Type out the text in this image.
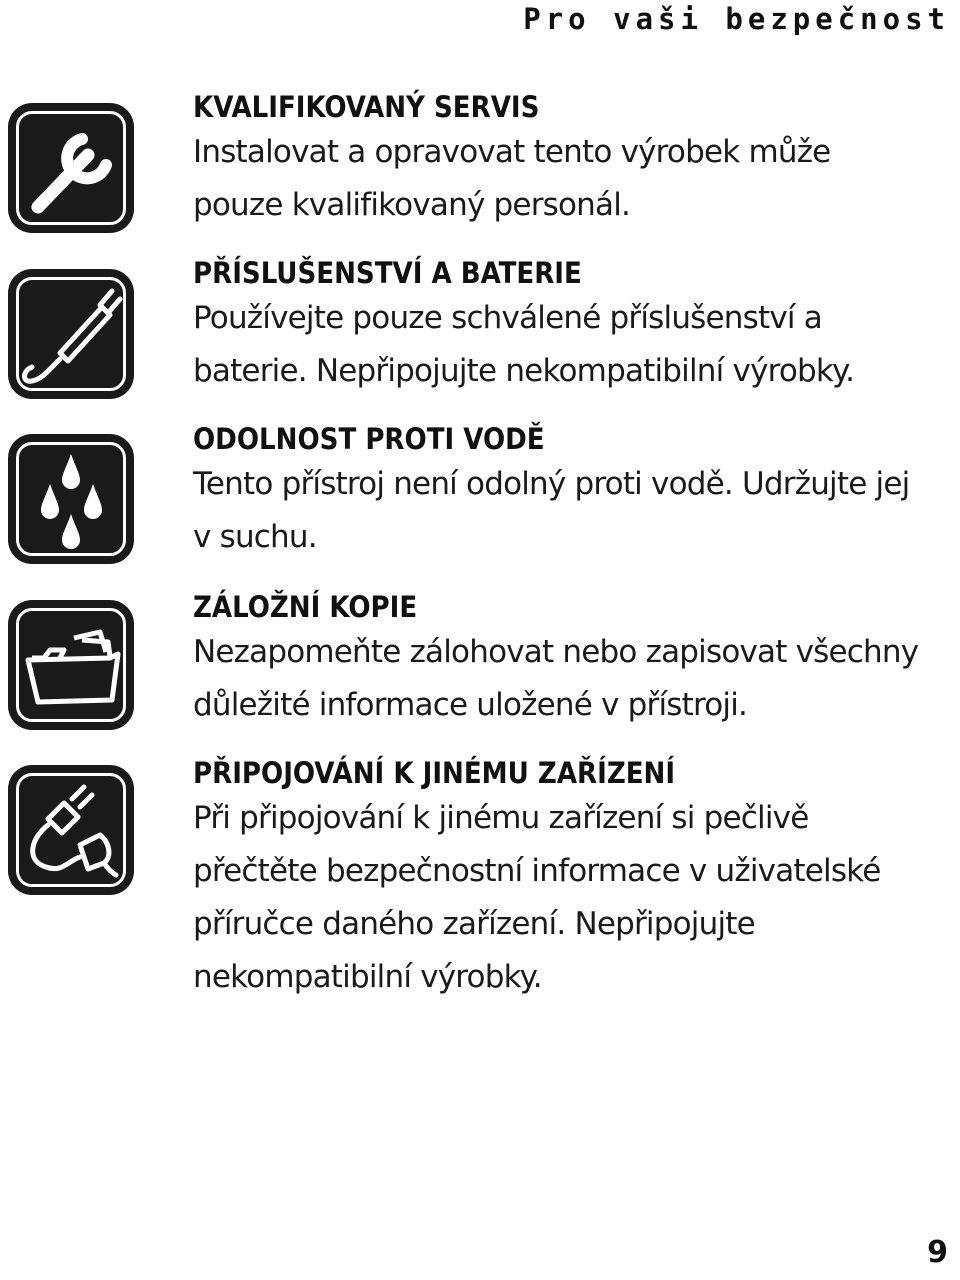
Pro vaši bezpečnost
KVALIFIKOVANÝ SERVIS
Instalovat a opravovat tento výrobek může pouze kvalifikovaný personál.
PŘÍSLUŠENSTVÍ A BATERIE
Používejte pouze schválené příslušenství a baterie. Nepřipojujte nekompatibilní výrobky.
ODOLNOST PROTI VODĚ
Tento přístroj není odolný proti vodě. Udržujte jej v suchu.
ZÁLOŽNÍ KOPIE
Nezapomeňte zálohovat nebo zapisovat všechny důležité informace uložené v přístroji.
PŘIPOJOVÁNÍ K JINÉMU ZAŘÍZENÍ
Při připojování k jinému zařízení si pečlivě přečtěte bezpečnostní informace v uživatelské příručce daného zařízení. Nepřipojujte nekompatibilní výrobky.
9
